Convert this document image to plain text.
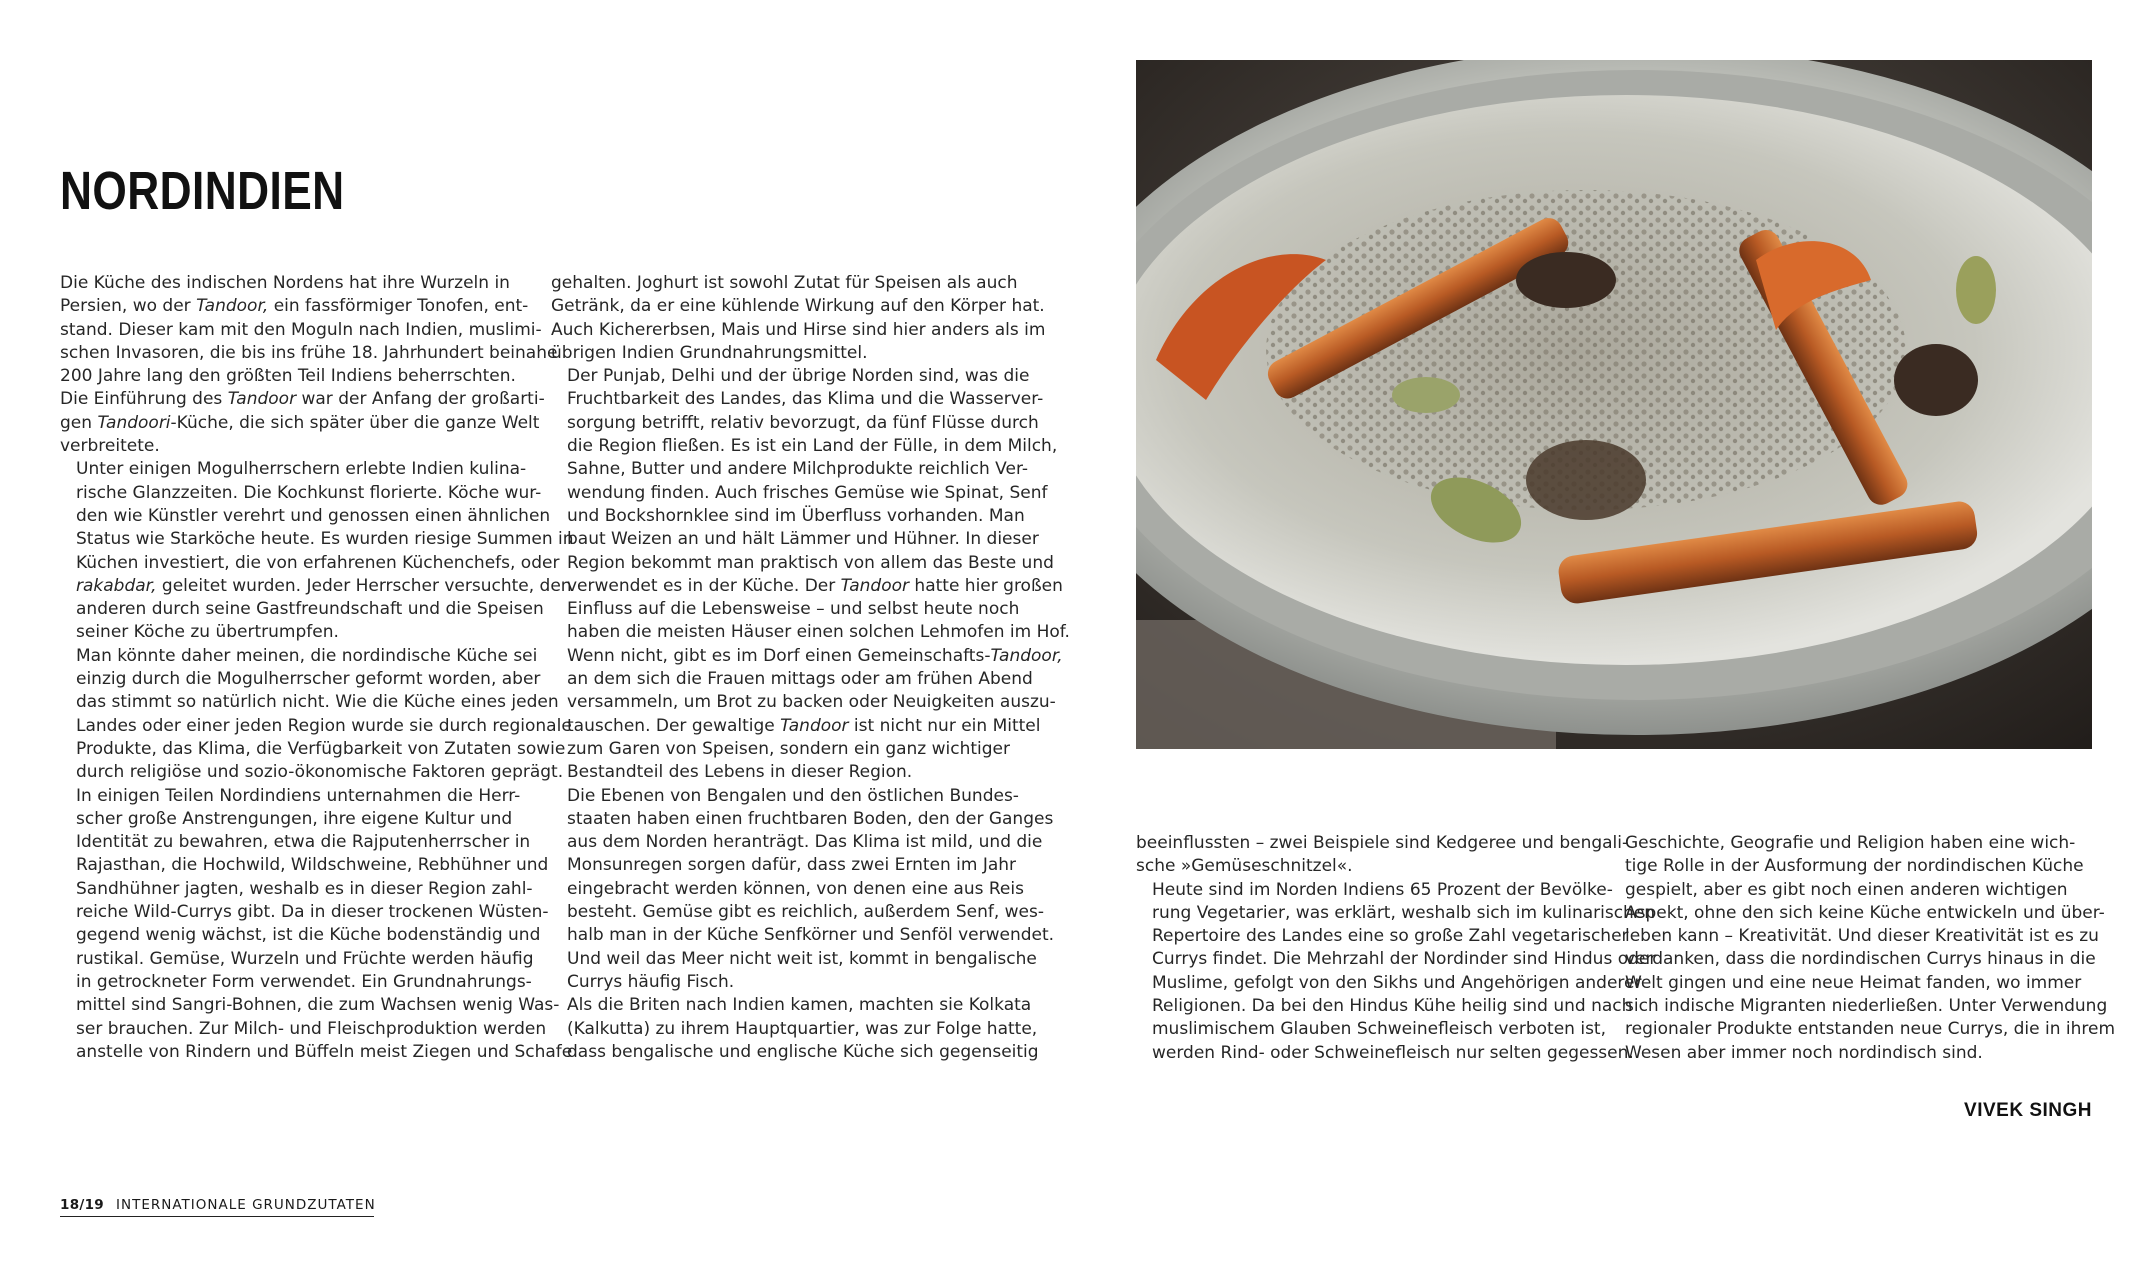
NORDINDIEN

Die Küche des indischen Nordens hat ihre Wurzeln in
Persien, wo der Tandoor, ein fassförmiger Tonofen, ent-
stand. Dieser kam mit den Moguln nach Indien, muslimi-
schen Invasoren, die bis ins frühe 18. Jahrhundert beinahe
200 Jahre lang den größten Teil Indiens beherrschten.
Die Einführung des Tandoor war der Anfang der großarti-
gen Tandoori-Küche, die sich später über die ganze Welt
verbreitete.

Unter einigen Mogulherrschern erlebte Indien kulina-
rische Glanzzeiten. Die Kochkunst florierte. Köche wur-
den wie Künstler verehrt und genossen einen ähnlichen
Status wie Starköche heute. Es wurden riesige Summen in
Küchen investiert, die von erfahrenen Küchenchefs, oder
rakabdar, geleitet wurden. Jeder Herrscher versuchte, den
anderen durch seine Gastfreundschaft und die Speisen
seiner Köche zu übertrumpfen.

Man könnte daher meinen, die nordindische Küche sei
einzig durch die Mogulherrscher geformt worden, aber
das stimmt so natürlich nicht. Wie die Küche eines jeden
Landes oder einer jeden Region wurde sie durch regionale
Produkte, das Klima, die Verfügbarkeit von Zutaten sowie
durch religiöse und sozio-ökonomische Faktoren geprägt.

In einigen Teilen Nordindiens unternahmen die Herr-
scher große Anstrengungen, ihre eigene Kultur und
Identität zu bewahren, etwa die Rajputenherrscher in
Rajasthan, die Hochwild, Wildschweine, Rebhühner und
Sandhühner jagten, weshalb es in dieser Region zahl-
reiche Wild-Currys gibt. Da in dieser trockenen Wüsten-
gegend wenig wächst, ist die Küche bodenständig und
rustikal. Gemüse, Wurzeln und Früchte werden häufig
in getrockneter Form verwendet. Ein Grundnahrungs-
mittel sind Sangri-Bohnen, die zum Wachsen wenig Was-
ser brauchen. Zur Milch- und Fleischproduktion werden
anstelle von Rindern und Büffeln meist Ziegen und Schafe

gehalten. Joghurt ist sowohl Zutat für Speisen als auch
Getränk, da er eine kühlende Wirkung auf den Körper hat.
Auch Kichererbsen, Mais und Hirse sind hier anders als im
übrigen Indien Grundnahrungsmittel.

Der Punjab, Delhi und der übrige Norden sind, was die
Fruchtbarkeit des Landes, das Klima und die Wasserver-
sorgung betrifft, relativ bevorzugt, da fünf Flüsse durch
die Region fließen. Es ist ein Land der Fülle, in dem Milch,
Sahne, Butter und andere Milchprodukte reichlich Ver-
wendung finden. Auch frisches Gemüse wie Spinat, Senf
und Bockshornklee sind im Überfluss vorhanden. Man
baut Weizen an und hält Lämmer und Hühner. In dieser
Region bekommt man praktisch von allem das Beste und
verwendet es in der Küche. Der Tandoor hatte hier großen
Einfluss auf die Lebensweise – und selbst heute noch
haben die meisten Häuser einen solchen Lehmofen im Hof.
Wenn nicht, gibt es im Dorf einen Gemeinschafts-Tandoor,
an dem sich die Frauen mittags oder am frühen Abend
versammeln, um Brot zu backen oder Neuigkeiten auszu-
tauschen. Der gewaltige Tandoor ist nicht nur ein Mittel
zum Garen von Speisen, sondern ein ganz wichtiger
Bestandteil des Lebens in dieser Region.

Die Ebenen von Bengalen und den östlichen Bundes-
staaten haben einen fruchtbaren Boden, den der Ganges
aus dem Norden heranträgt. Das Klima ist mild, und die
Monsunregen sorgen dafür, dass zwei Ernten im Jahr
eingebracht werden können, von denen eine aus Reis
besteht. Gemüse gibt es reichlich, außerdem Senf, wes-
halb man in der Küche Senfkörner und Senföl verwendet.
Und weil das Meer nicht weit ist, kommt in bengalische
Currys häufig Fisch.

Als die Briten nach Indien kamen, machten sie Kolkata
(Kalkutta) zu ihrem Hauptquartier, was zur Folge hatte,
dass bengalische und englische Küche sich gegenseitig

beeinflussten – zwei Beispiele sind Kedgeree und bengali-
sche »Gemüseschnitzel«.

Heute sind im Norden Indiens 65 Prozent der Bevölke-
rung Vegetarier, was erklärt, weshalb sich im kulinarischen
Repertoire des Landes eine so große Zahl vegetarischer
Currys findet. Die Mehrzahl der Nordinder sind Hindus oder
Muslime, gefolgt von den Sikhs und Angehörigen anderer
Religionen. Da bei den Hindus Kühe heilig sind und nach
muslimischem Glauben Schweinefleisch verboten ist,
werden Rind- oder Schweinefleisch nur selten gegessen.

Geschichte, Geografie und Religion haben eine wich-
tige Rolle in der Ausformung der nordindischen Küche
gespielt, aber es gibt noch einen anderen wichtigen
Aspekt, ohne den sich keine Küche entwickeln und über-
leben kann – Kreativität. Und dieser Kreativität ist es zu
verdanken, dass die nordindischen Currys hinaus in die
Welt gingen und eine neue Heimat fanden, wo immer
sich indische Migranten niederließen. Unter Verwendung
regionaler Produkte entstanden neue Currys, die in ihrem
Wesen aber immer noch nordindisch sind.

VIVEK SINGH
18/19 INTERNATIONALE GRUNDZUTATEN
